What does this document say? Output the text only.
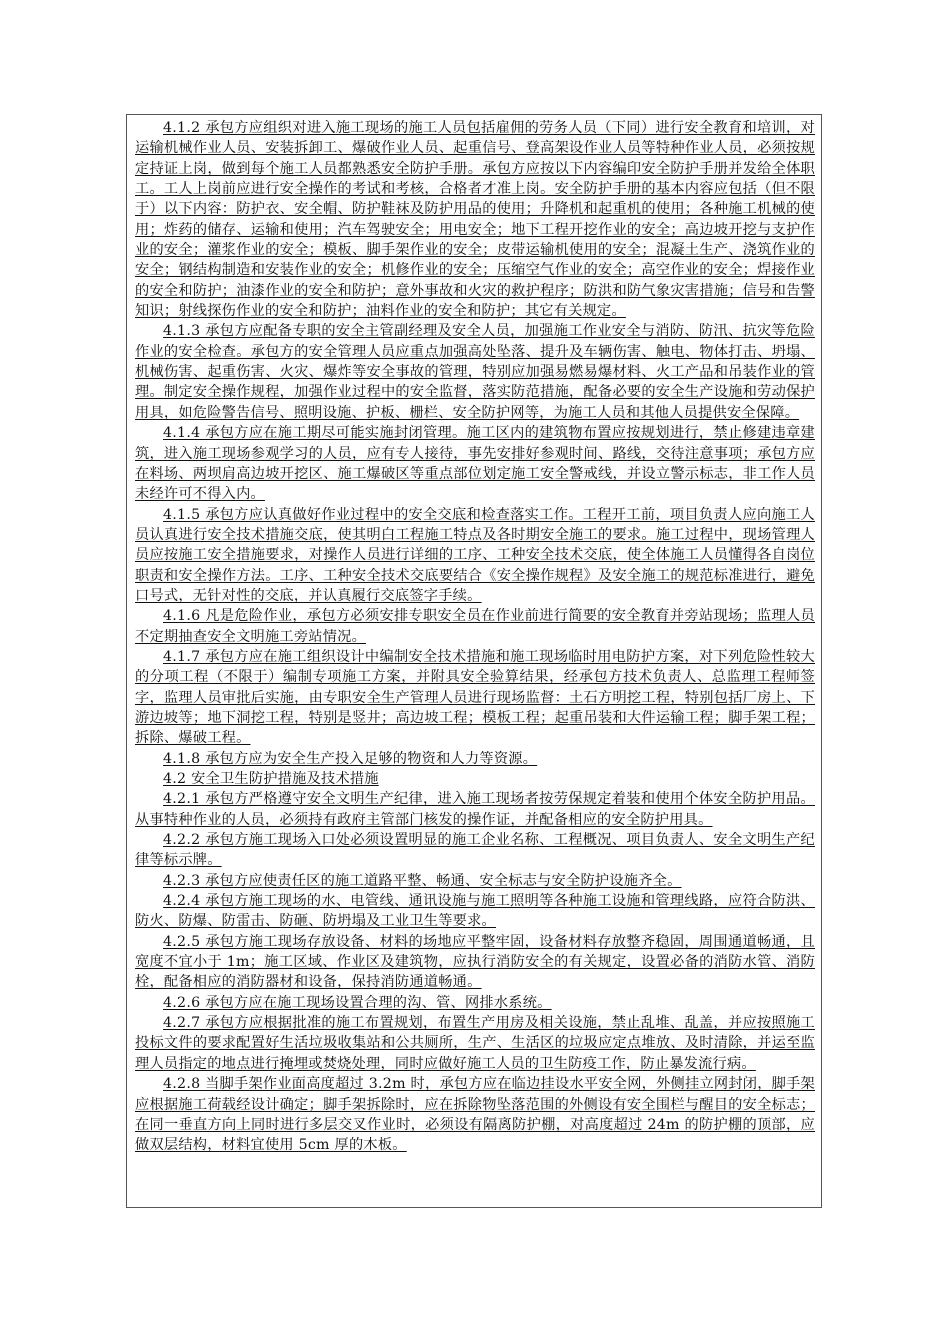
4.1.2 承包方应组织对进入施工现场的施工人员包括雇佣的劳务人员（下同）进行安全教育和培训，对运输机械作业人员、安装拆卸工、爆破作业人员、起重信号、登高架设作业人员等特种作业人员，必须按规定持证上岗，做到每个施工人员都熟悉安全防护手册。承包方应按以下内容编印安全防护手册并发给全体职工。工人上岗前应进行安全操作的考试和考核，合格者才准上岗。安全防护手册的基本内容应包括（但不限于）以下内容：防护衣、安全帽、防护鞋袜及防护用品的使用；升降机和起重机的使用；各种施工机械的使用；炸药的储存、运输和使用；汽车驾驶安全；用电安全；地下工程开挖作业的安全；高边坡开挖与支护作业的安全；灌浆作业的安全；模板、脚手架作业的安全；皮带运输机使用的安全；混凝土生产、浇筑作业的安全；钢结构制造和安装作业的安全；机修作业的安全；压缩空气作业的安全；高空作业的安全；焊接作业的安全和防护；油漆作业的安全和防护；意外事故和火灾的救护程序；防洪和防气象灾害措施；信号和告警知识；射线探伤作业的安全和防护；油料作业的安全和防护；其它有关规定。

4.1.3 承包方应配备专职的安全主管副经理及安全人员，加强施工作业安全与消防、防汛、抗灾等危险作业的安全检查。承包方的安全管理人员应重点加强高处坠落、提升及车辆伤害、触电、物体打击、坍塌、机械伤害、起重伤害、火灾、爆炸等安全事故的管理，特别应加强易燃易爆材料、火工产品和吊装作业的管理。制定安全操作规程，加强作业过程中的安全监督，落实防范措施，配备必要的安全生产设施和劳动保护用具，如危险警告信号、照明设施、护板、栅栏、安全防护网等，为施工人员和其他人员提供安全保障。

4.1.4 承包方应在施工期尽可能实施封闭管理。施工区内的建筑物布置应按规划进行，禁止修建违章建筑，进入施工现场参观学习的人员，应有专人接待，事先安排好参观时间、路线，交待注意事项；承包方应在料场、两坝肩高边坡开挖区、施工爆破区等重点部位划定施工安全警戒线，并设立警示标志，非工作人员未经许可不得入内。

4.1.5 承包方应认真做好作业过程中的安全交底和检查落实工作。工程开工前，项目负责人应向施工人员认真进行安全技术措施交底，使其明白工程施工特点及各时期安全施工的要求。施工过程中，现场管理人员应按施工安全措施要求，对操作人员进行详细的工序、工种安全技术交底，使全体施工人员懂得各自岗位职责和安全操作方法。工序、工种安全技术交底要结合《安全操作规程》及安全施工的规范标准进行，避免口号式，无针对性的交底，并认真履行交底签字手续。

4.1.6 凡是危险作业，承包方必须安排专职安全员在作业前进行简要的安全教育并旁站现场；监理人员不定期抽查安全文明施工旁站情况。

4.1.7 承包方应在施工组织设计中编制安全技术措施和施工现场临时用电防护方案，对下列危险性较大的分项工程（不限于）编制专项施工方案，并附具安全验算结果，经承包方技术负责人、总监理工程师签字，监理人员审批后实施，由专职安全生产管理人员进行现场监督：土石方明挖工程，特别包括厂房上、下游边坡等；地下洞挖工程，特别是竖井；高边坡工程；模板工程；起重吊装和大件运输工程；脚手架工程；拆除、爆破工程。

4.1.8 承包方应为安全生产投入足够的物资和人力等资源。

4.2 安全卫生防护措施及技术措施

4.2.1 承包方严格遵守安全文明生产纪律，进入施工现场者按劳保规定着装和使用个体安全防护用品。从事特种作业的人员，必须持有政府主管部门核发的操作证，并配备相应的安全防护用具。

4.2.2 承包方施工现场入口处必须设置明显的施工企业名称、工程概况、项目负责人、安全文明生产纪律等标示牌。

4.2.3 承包方应使责任区的施工道路平整、畅通、安全标志与安全防护设施齐全。

4.2.4 承包方施工现场的水、电管线、通讯设施与施工照明等各种施工设施和管理线路，应符合防洪、防火、防爆、防雷击、防砸、防坍塌及工业卫生等要求。

4.2.5 承包方施工现场存放设备、材料的场地应平整牢固，设备材料存放整齐稳固，周围通道畅通，且宽度不宜小于 1m；施工区域、作业区及建筑物，应执行消防安全的有关规定，设置必备的消防水管、消防栓，配备相应的消防器材和设备，保持消防通道畅通。

4.2.6 承包方应在施工现场设置合理的沟、管、网排水系统。

4.2.7 承包方应根据批准的施工布置规划，布置生产用房及相关设施，禁止乱堆、乱盖，并应按照施工投标文件的要求配置好生活垃圾收集站和公共厕所，生产、生活区的垃圾应定点堆放、及时清除，并运至监理人员指定的地点进行掩埋或焚烧处理，同时应做好施工人员的卫生防疫工作，防止暴发流行病。

4.2.8 当脚手架作业面高度超过 3.2m 时，承包方应在临边挂设水平安全网，外侧挂立网封闭，脚手架应根据施工荷载经设计确定；脚手架拆除时，应在拆除物坠落范围的外侧设有安全围栏与醒目的安全标志；在同一垂直方向上同时进行多层交叉作业时，必须设有隔离防护棚，对高度超过 24m 的防护棚的顶部，应做双层结构，材料宜使用 5cm 厚的木板。
